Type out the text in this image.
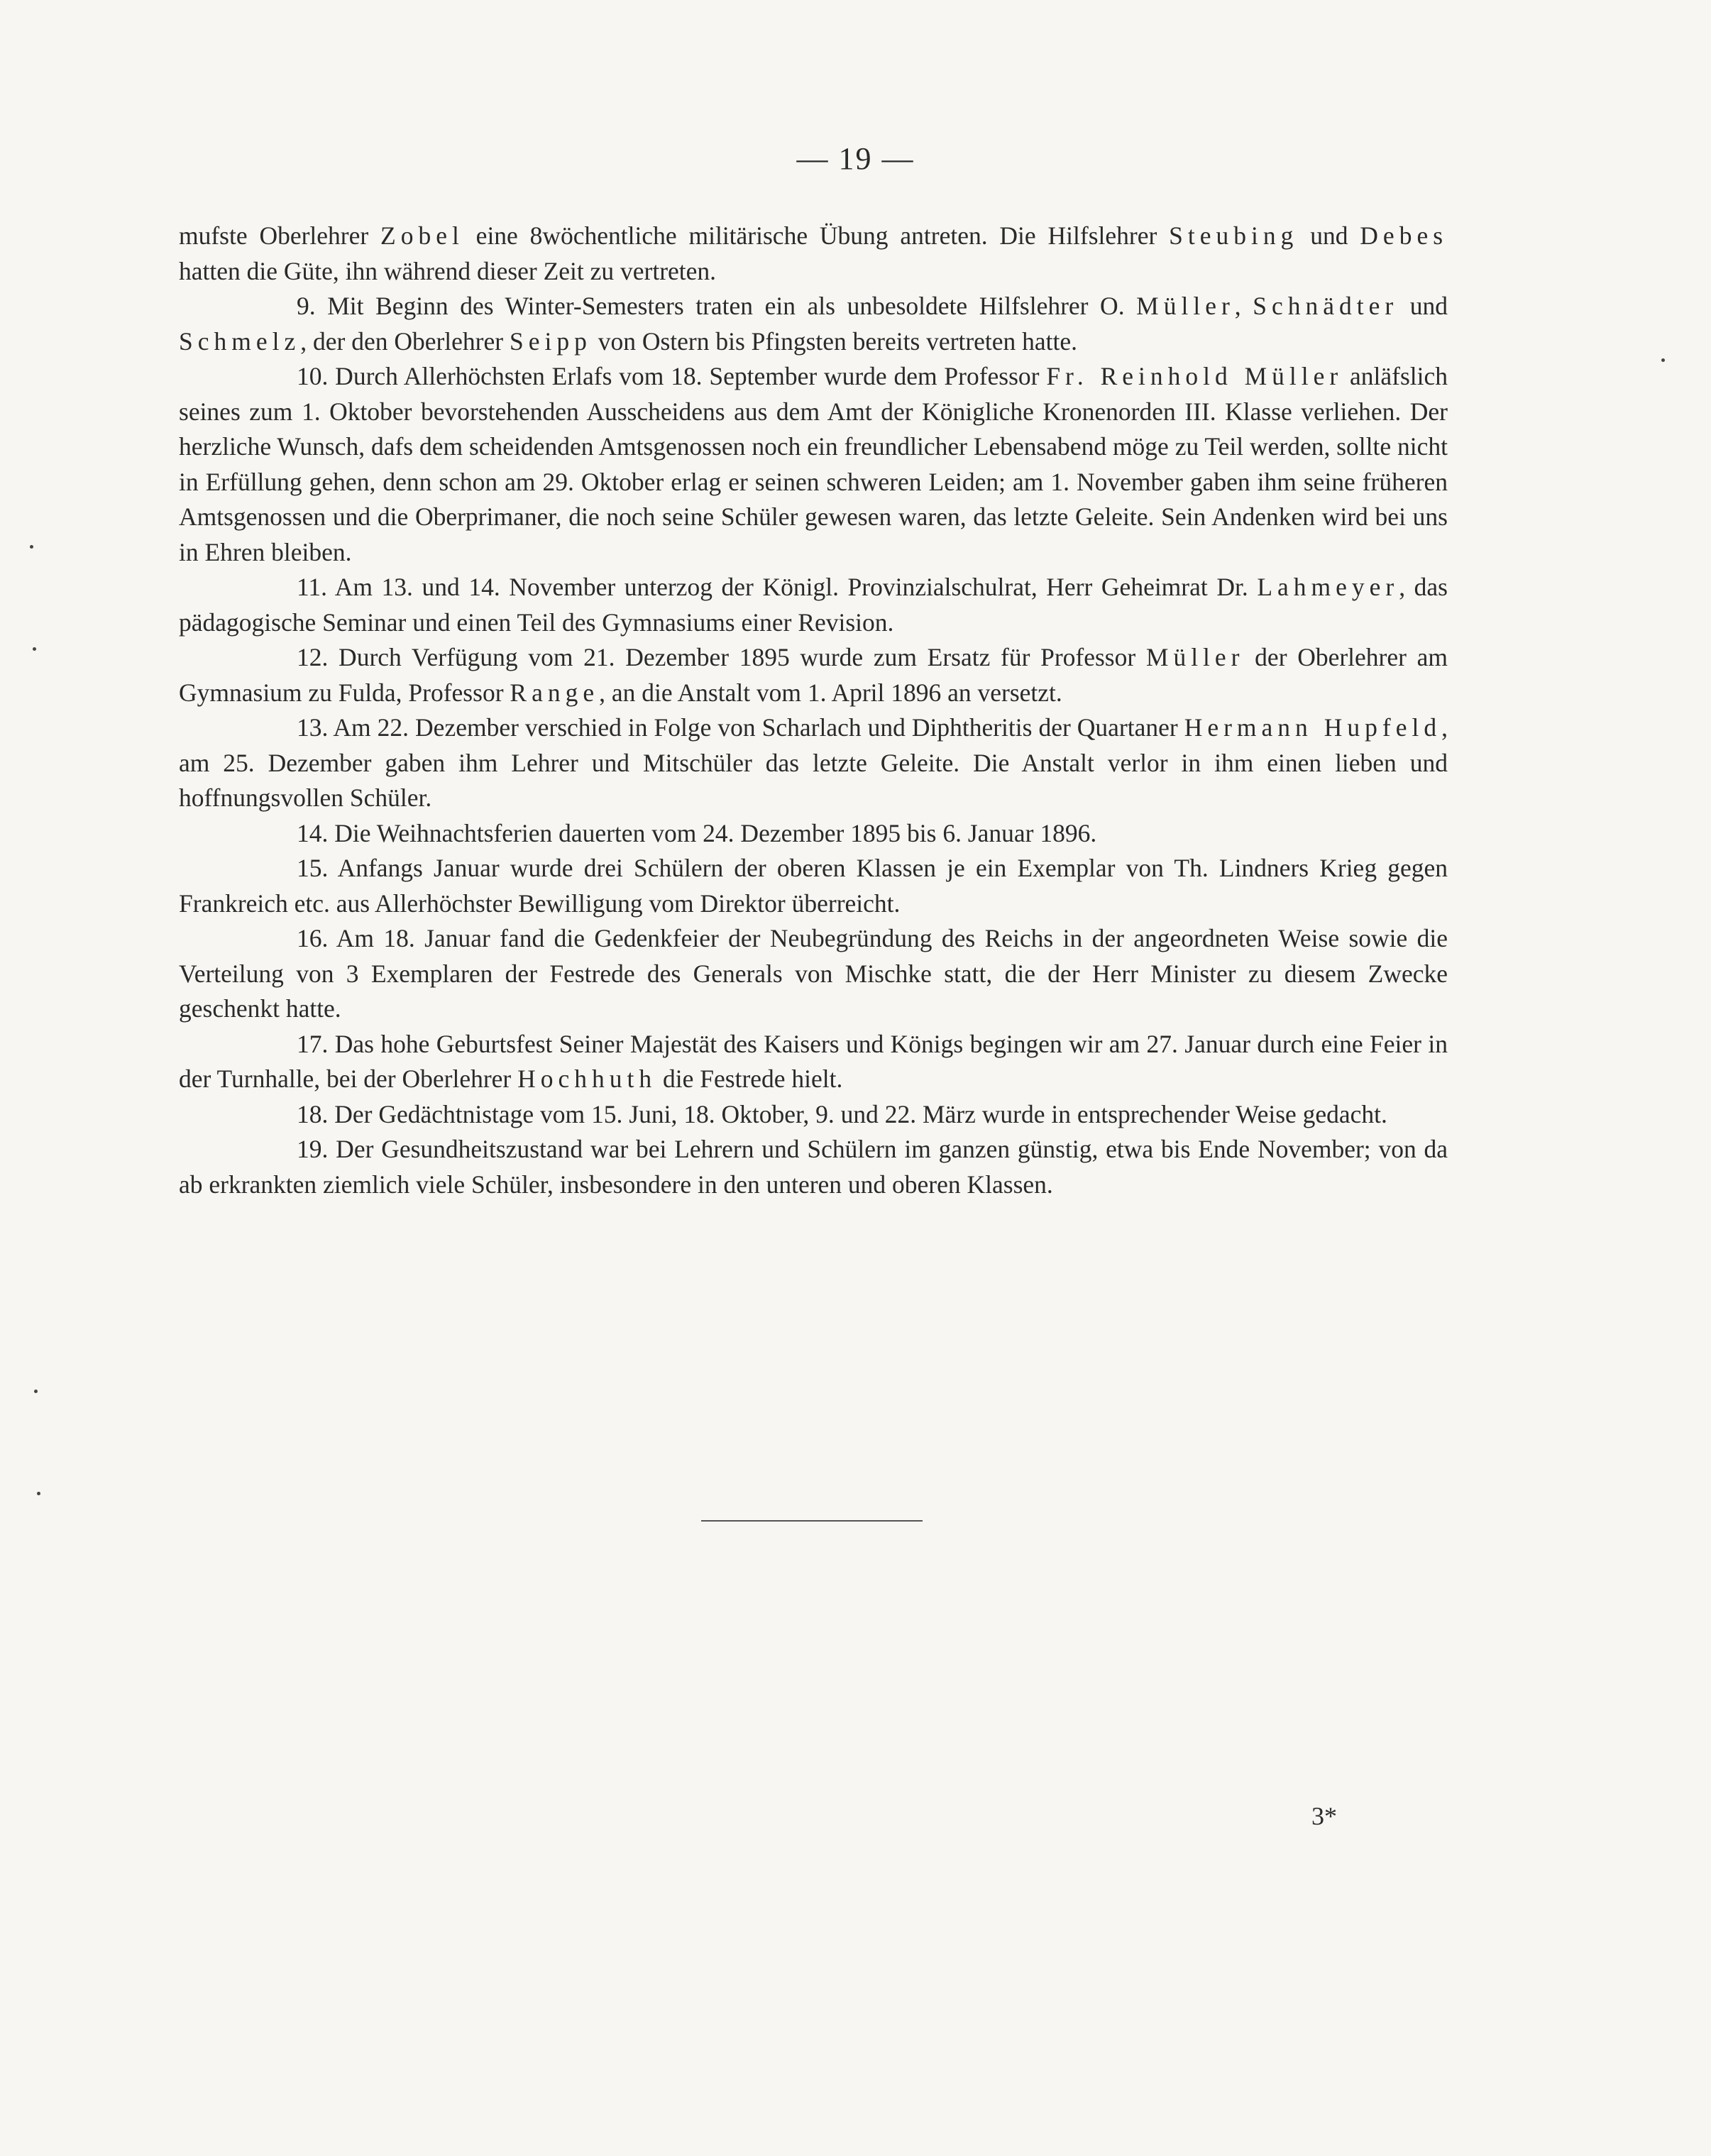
— 19 —

mufste Oberlehrer Zobel eine 8wöchentliche militärische Übung antreten. Die Hilfslehrer Steubing und Debes hatten die Güte, ihn während dieser Zeit zu vertreten.

9. Mit Beginn des Winter-Semesters traten ein als unbesoldete Hilfslehrer O. Müller, Schnädter und Schmelz, der den Oberlehrer Seipp von Ostern bis Pfingsten bereits vertreten hatte.

10. Durch Allerhöchsten Erlafs vom 18. September wurde dem Professor Fr. Reinhold Müller anläfslich seines zum 1. Oktober bevorstehenden Ausscheidens aus dem Amt der Königliche Kronenorden III. Klasse verliehen. Der herzliche Wunsch, dafs dem scheidenden Amtsgenossen noch ein freundlicher Lebensabend möge zu Teil werden, sollte nicht in Erfüllung gehen, denn schon am 29. Oktober erlag er seinen schweren Leiden; am 1. November gaben ihm seine früheren Amtsgenossen und die Oberprimaner, die noch seine Schüler gewesen waren, das letzte Geleite. Sein Andenken wird bei uns in Ehren bleiben.

11. Am 13. und 14. November unterzog der Königl. Provinzialschulrat, Herr Geheimrat Dr. Lahmeyer, das pädagogische Seminar und einen Teil des Gymnasiums einer Revision.

12. Durch Verfügung vom 21. Dezember 1895 wurde zum Ersatz für Professor Müller der Oberlehrer am Gymnasium zu Fulda, Professor Range, an die Anstalt vom 1. April 1896 an versetzt.

13. Am 22. Dezember verschied in Folge von Scharlach und Diphtheritis der Quartaner Hermann Hupfeld, am 25. Dezember gaben ihm Lehrer und Mitschüler das letzte Geleite. Die Anstalt verlor in ihm einen lieben und hoffnungsvollen Schüler.

14. Die Weihnachtsferien dauerten vom 24. Dezember 1895 bis 6. Januar 1896.

15. Anfangs Januar wurde drei Schülern der oberen Klassen je ein Exemplar von Th. Lindners Krieg gegen Frankreich etc. aus Allerhöchster Bewilligung vom Direktor überreicht.

16. Am 18. Januar fand die Gedenkfeier der Neubegründung des Reichs in der angeordneten Weise sowie die Verteilung von 3 Exemplaren der Festrede des Generals von Mischke statt, die der Herr Minister zu diesem Zwecke geschenkt hatte.

17. Das hohe Geburtsfest Seiner Majestät des Kaisers und Königs begingen wir am 27. Januar durch eine Feier in der Turnhalle, bei der Oberlehrer Hochhuth die Festrede hielt.

18. Der Gedächtnistage vom 15. Juni, 18. Oktober, 9. und 22. März wurde in entsprechender Weise gedacht.

19. Der Gesundheitszustand war bei Lehrern und Schülern im ganzen günstig, etwa bis Ende November; von da ab erkrankten ziemlich viele Schüler, insbesondere in den unteren und oberen Klassen.

3*
